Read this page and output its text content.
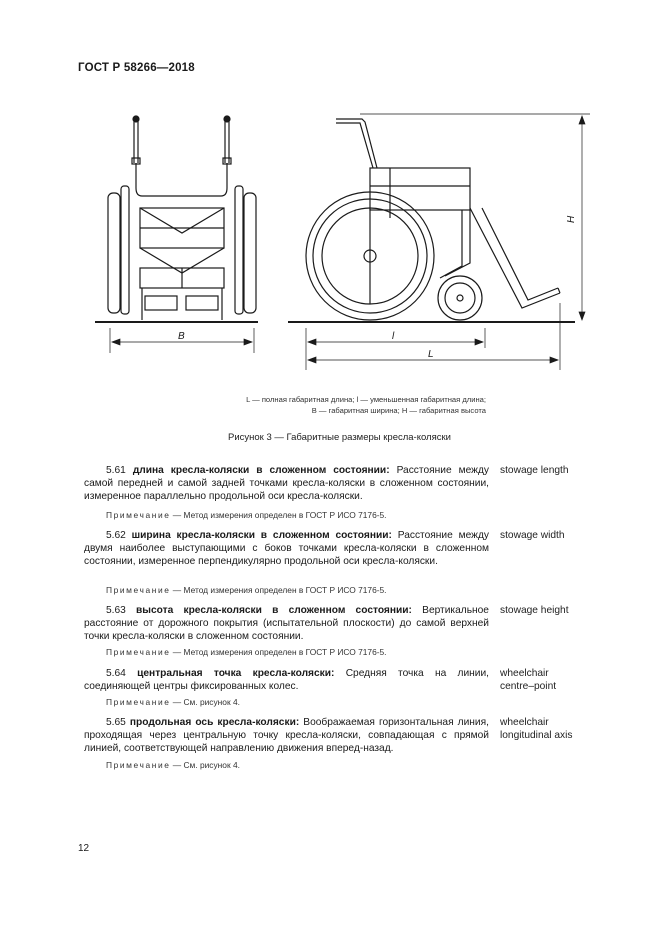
ГОСТ Р 58266—2018
B	l
L
H
L — полная габаритная длина; l — уменьшенная габаритная длина;
B — габаритная ширина; H — габаритная высота
Рисунок 3 — Габаритные размеры кресла-коляски
5.61 длина кресла-коляски в сложенном состоянии: Расстояние между самой передней и самой задней точками кресла-коляски в сложенном состоянии, измеренное параллельно продольной оси кресла-коляски.
Примечание — Метод измерения определен в ГОСТ Р ИСО 7176-5.
stowage length
5.62 ширина кресла-коляски в сложенном состоянии: Расстояние между двумя наиболее выступающими с боков точками кресла-коляски в сложенном состоянии, измеренное перпендикулярно продольной оси кресла-коляски.
Примечание — Метод измерения определен в ГОСТ Р ИСО 7176-5.
stowage width
5.63 высота кресла-коляски в сложенном состоянии: Вертикальное расстояние от дорожного покрытия (испытательной плоскости) до самой верхней точки кресла-коляски в сложенном состоянии.
Примечание — Метод измерения определен в ГОСТ Р ИСО 7176-5.
stowage height
5.64 центральная точка кресла-коляски: Средняя точка на линии, соединяющей центры фиксированных колес.
Примечание — См. рисунок 4.
wheelchair
centre–point
5.65 продольная ось кресла-коляски: Воображаемая горизонтальная линия, проходящая через центральную точку кресла-коляски, совпадающая с прямой линией, соответствующей направлению движения вперед-назад.
Примечание — См. рисунок 4.
wheelchair
longitudinal axis
12
